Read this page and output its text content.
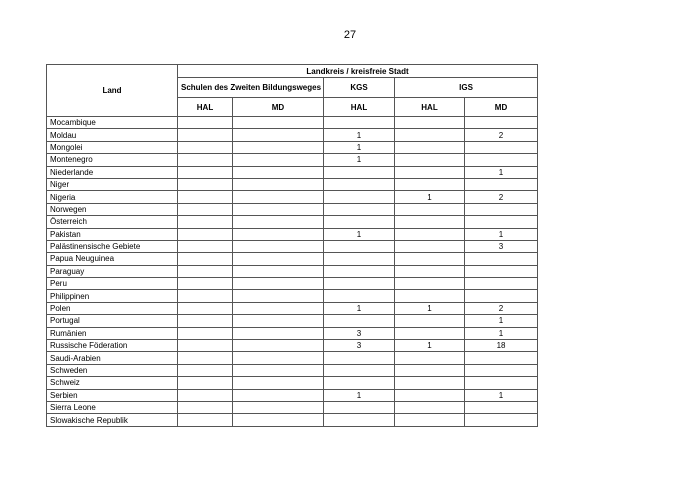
27
Land	Landkreis / kreisfreie Stadt				
	Schulen des Zweiten Bildungsweges		KGS	IGS	
	HAL	MD	HAL	HAL	MD
Mocambique					
Moldau			1		2
Mongolei			1		
Montenegro			1		
Niederlande					1
Niger					
Nigeria				1	2
Norwegen					
Österreich					
Pakistan			1		1
Palästinensische Gebiete					3
Papua Neuguinea					
Paraguay					
Peru					
Philippinen					
Polen			1	1	2
Portugal					1
Rumänien			3		1
Russische Föderation			3	1	18
Saudi-Arabien					
Schweden					
Schweiz					
Serbien			1		1
Sierra Leone					
Slowakische Republik					
